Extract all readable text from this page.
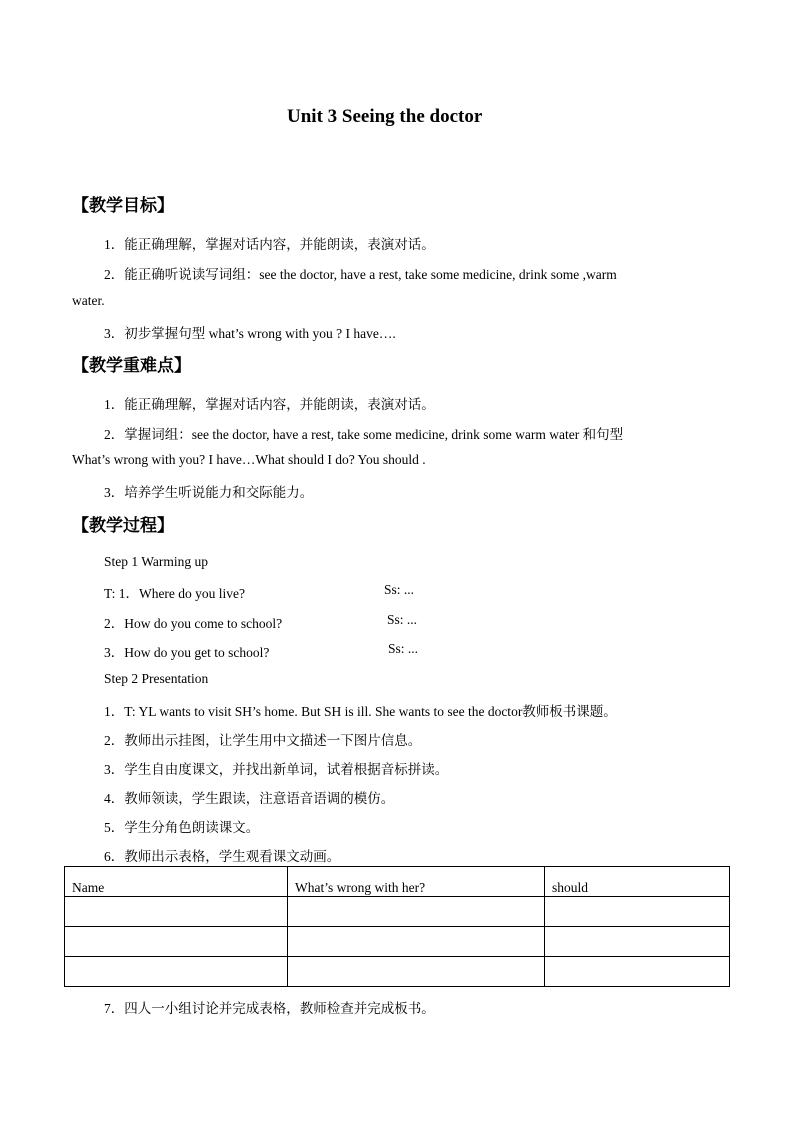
Unit 3 Seeing the doctor
【教学目标】
1．能正确理解，掌握对话内容，并能朗读，表演对话。
2．能正确听说读写词组：see the doctor, have a rest, take some medicine, drink some ,warm
water.
3．初步掌握句型 what’s wrong with you ? I have….
【教学重难点】
1．能正确理解，掌握对话内容，并能朗读，表演对话。
2．掌握词组：see the doctor, have a rest, take some medicine, drink some warm water 和句型
What’s wrong with you? I have…What should I do? You should .
3．培养学生听说能力和交际能力。
【教学过程】
Step 1 Warming up
T: 1．Where do you live?	Ss: ...
2．How do you come to school?	Ss: ...
3．How do you get to school?	Ss: ...
Step 2 Presentation
1．T: YL wants to visit SH’s home. But SH is ill. She wants to see the doctor教师板书课题。
2．教师出示挂图，让学生用中文描述一下图片信息。
3．学生自由度课文，并找出新单词，试着根据音标拼读。
4．教师领读，学生跟读，注意语音语调的模仿。
5．学生分角色朗读课文。
6．教师出示表格，学生观看课文动画。
Name	What’s wrong with her?	should

7．四人一小组讨论并完成表格，教师检查并完成板书。
